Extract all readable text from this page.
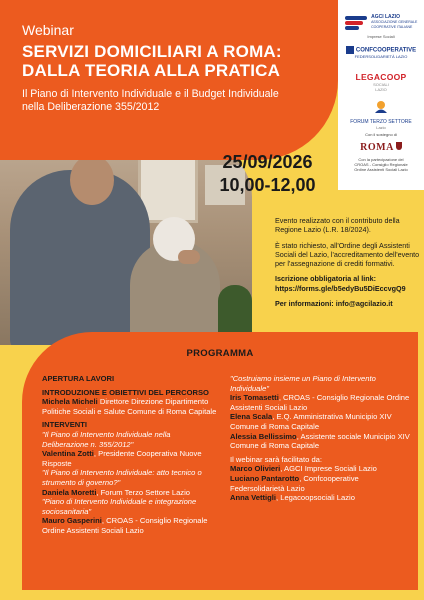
Webinar
SERVIZI DOMICILIARI A ROMA:
DALLA TEORIA ALLA PRATICA
Il Piano di Intervento Individuale e il Budget Individuale
nella Deliberazione 355/2012
AGCI LAZIO
ASSOCIAZIONE GENERALE
COOPERATIVE ITALIANE
Imprese Sociali
CONFCOOPERATIVE
FEDERSOLIDARIETÀ LAZIO
LEGACOOP
SOCIALI
LAZIO
FORUM TERZO SETTORE
Lazio
Con il sostegno di
ROMA
Con la partecipazione del
CROAS - Consiglio Regionale
Ordine Assistenti Sociali Lazio
25/09/2026
10,00-12,00

Evento realizzato con il contributo della Regione Lazio (L.R. 18/2024).

È stato richiesto, all'Ordine degli Assistenti Sociali del Lazio, l'accreditamento dell'evento per l'assegnazione di crediti formativi.

Iscrizione obbligatoria al link:
https://forms.gle/b5edyBu5DiEccvgQ9

Per informazioni: info@agcilazio.it

PROGRAMMA
APERTURA LAVORI
INTRODUZIONE E OBIETTIVI DEL PERCORSO
Michela Micheli Direttore Direzione Dipartimento Politiche Sociali e Salute Comune di Roma Capitale
INTERVENTI
"Il Piano di Intervento Individuale nella Deliberazione n. 355/2012"
Valentina Zotti, Presidente Cooperativa Nuove Risposte
"Il Piano di Intervento Individuale: atto tecnico o strumento di governo?"
Daniela Moretti, Forum Terzo Settore Lazio
"Piano di Intervento Individuale e integrazione sociosanitaria"
Mauro Gasperini, CROAS - Consiglio Regionale Ordine Assistenti Sociali Lazio
"Costruiamo insieme un Piano di Intervento Individuale"
Iris Tomasetti, CROAS - Consiglio Regionale Ordine Assistenti Sociali Lazio
Elena Scala, E.Q. Amministrativa Municipio XIV Comune di Roma Capitale
Alessia Bellissimo, Assistente sociale Municipio XIV Comune di Roma Capitale
Il webinar sarà facilitato da:
Marco Olivieri, AGCI Imprese Sociali Lazio
Luciano Pantarotto, Confcooperative Federsolidarietà Lazio
Anna Vettigli, Legacoopsociali Lazio
